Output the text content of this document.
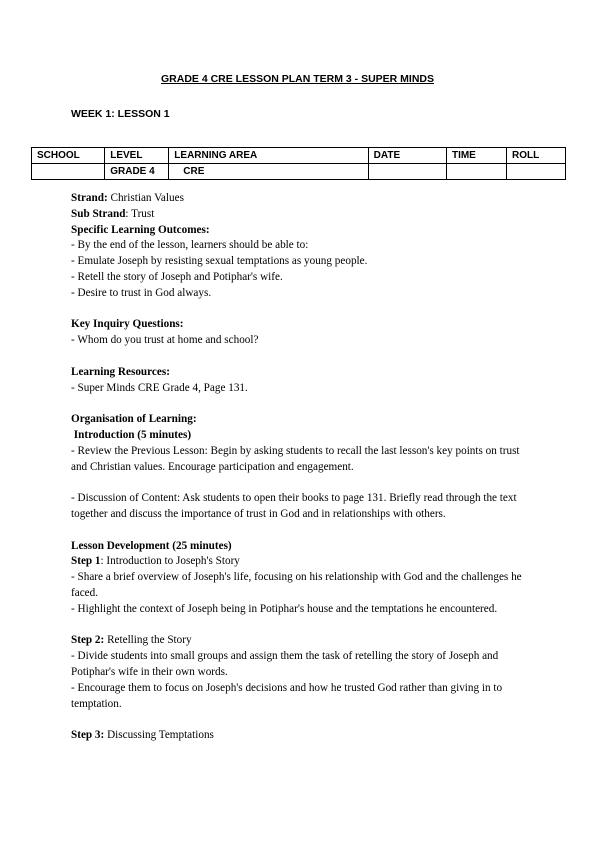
GRADE 4 CRE LESSON PLAN TERM 3 - SUPER MINDS
WEEK 1: LESSON 1
SCHOOL	LEVEL	LEARNING AREA	DATE	TIME	ROLL
	GRADE 4	CRE			

Strand: Christian Values

Sub Strand: Trust

Specific Learning Outcomes:

- By the end of the lesson, learners should be able to:

- Emulate Joseph by resisting sexual temptations as young people.

- Retell the story of Joseph and Potiphar's wife.

- Desire to trust in God always.

Key Inquiry Questions:

- Whom do you trust at home and school?

Learning Resources:

- Super Minds CRE Grade 4, Page 131.

Organisation of Learning:

Introduction (5 minutes)

- Review the Previous Lesson: Begin by asking students to recall the last lesson's key points on trust and Christian values. Encourage participation and engagement.

- Discussion of Content: Ask students to open their books to page 131. Briefly read through the text together and discuss the importance of trust in God and in relationships with others.

Lesson Development (25 minutes)

Step 1: Introduction to Joseph's Story

- Share a brief overview of Joseph's life, focusing on his relationship with God and the challenges he faced.

- Highlight the context of Joseph being in Potiphar's house and the temptations he encountered.

Step 2: Retelling the Story

- Divide students into small groups and assign them the task of retelling the story of Joseph and Potiphar's wife in their own words.

- Encourage them to focus on Joseph's decisions and how he trusted God rather than giving in to temptation.

Step 3: Discussing Temptations
